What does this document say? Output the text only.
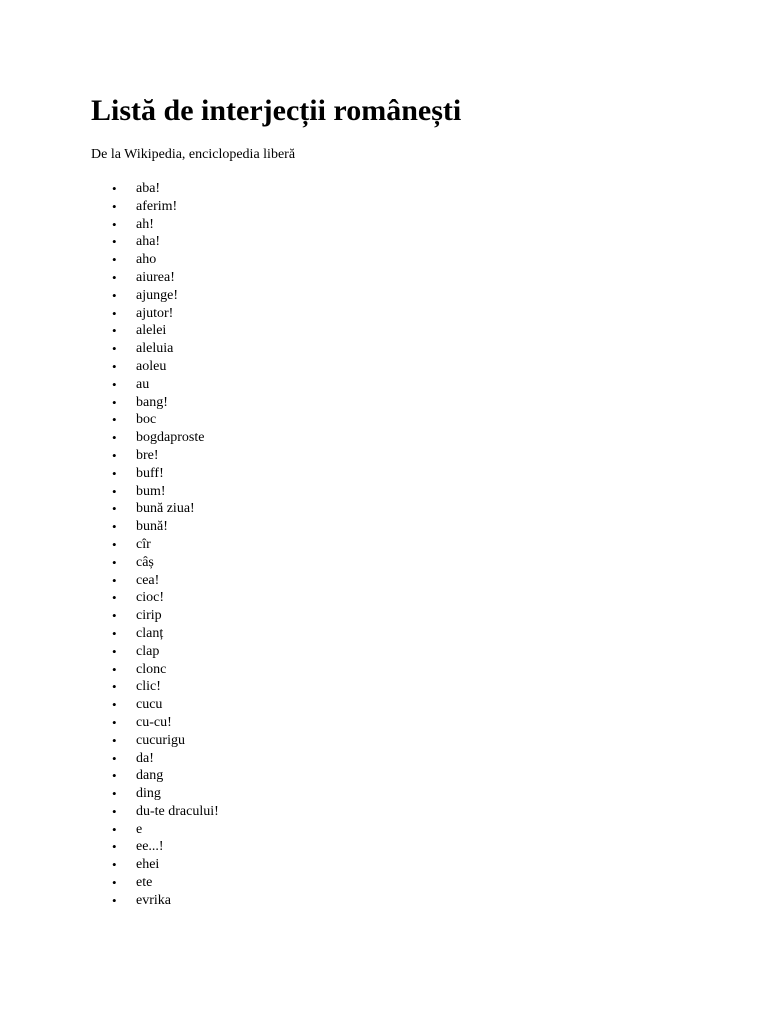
Listă de interjecții românești

De la Wikipedia, enciclopedia liberă

• aba!
• aferim!
• ah!
• aha!
• aho
• aiurea!
• ajunge!
• ajutor!
• alelei
• aleluia
• aoleu
• au
• bang!
• boc
• bogdaproste
• bre!
• buff!
• bum!
• bună ziua!
• bună!
• cîr
• câș
• cea!
• cioc!
• cirip
• clanț
• clap
• clonc
• clic!
• cucu
• cu-cu!
• cucurigu
• da!
• dang
• ding
• du-te dracului!
• e
• ee...!
• ehei
• ete
• evrika
